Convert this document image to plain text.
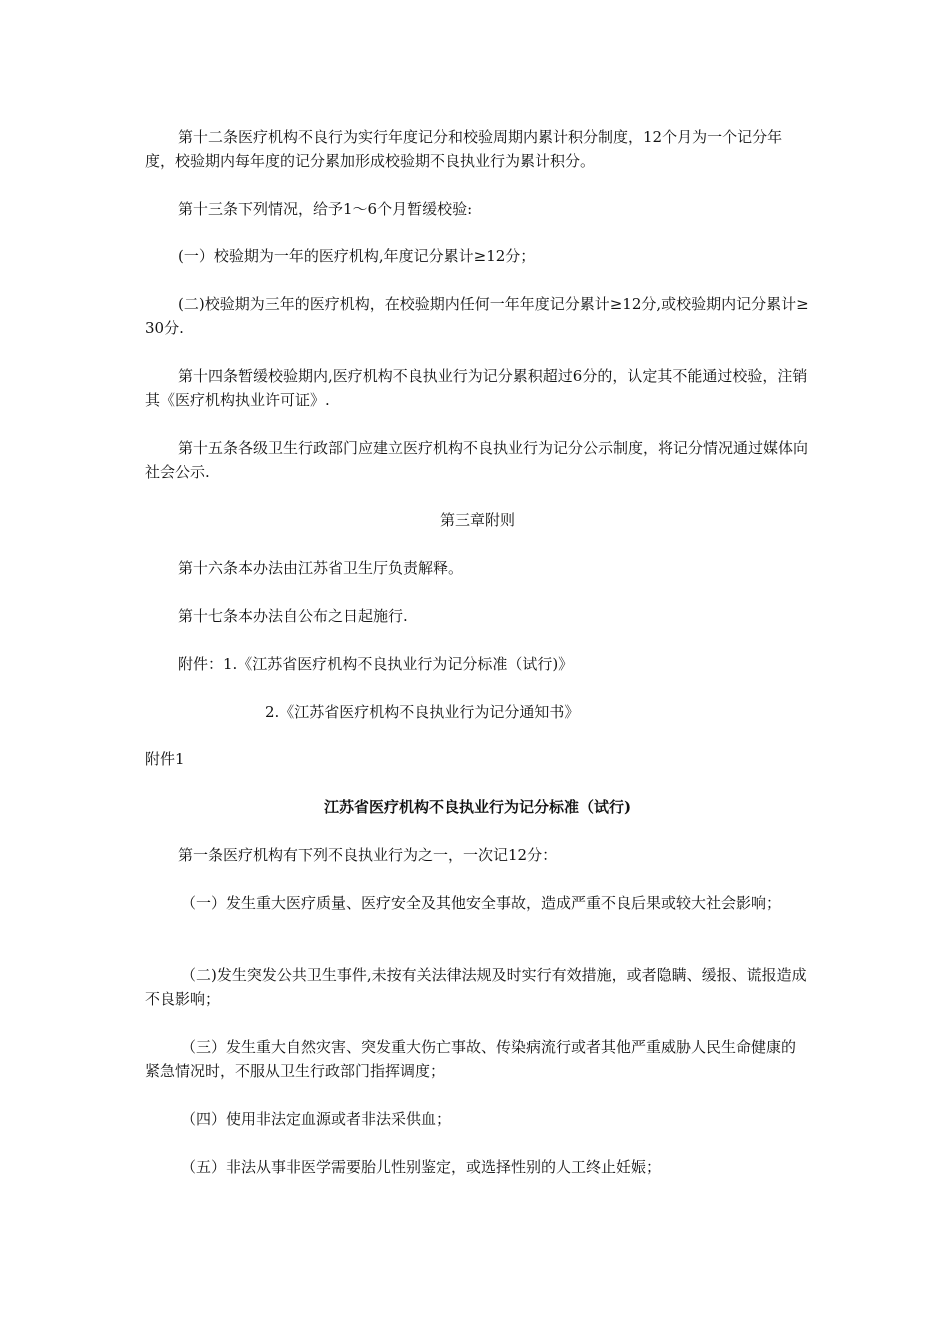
第十二条医疗机构不良行为实行年度记分和校验周期内累计积分制度，12个月为一个记分年度，校验期内每年度的记分累加形成校验期不良执业行为累计积分。

第十三条下列情况，给予1～6个月暂缓校验:

(一）校验期为一年的医疗机构,年度记分累计≥12分；

(二)校验期为三年的医疗机构，在校验期内任何一年年度记分累计≥12分,或校验期内记分累计≥30分.

第十四条暂缓校验期内,医疗机构不良执业行为记分累积超过6分的，认定其不能通过校验，注销其《医疗机构执业许可证》.

第十五条各级卫生行政部门应建立医疗机构不良执业行为记分公示制度，将记分情况通过媒体向社会公示.

第三章附则

第十六条本办法由江苏省卫生厅负责解释。

第十七条本办法自公布之日起施行.

附件：1.《江苏省医疗机构不良执业行为记分标准（试行)》

2.《江苏省医疗机构不良执业行为记分通知书》

附件1

江苏省医疗机构不良执业行为记分标准（试行)

第一条医疗机构有下列不良执业行为之一，一次记12分：

（一）发生重大医疗质量、医疗安全及其他安全事故，造成严重不良后果或较大社会影响；

（二)发生突发公共卫生事件,未按有关法律法规及时实行有效措施，或者隐瞒、缓报、谎报造成不良影响；

（三）发生重大自然灾害、突发重大伤亡事故、传染病流行或者其他严重威胁人民生命健康的紧急情况时，不服从卫生行政部门指挥调度；

（四）使用非法定血源或者非法采供血；

（五）非法从事非医学需要胎儿性别鉴定，或选择性别的人工终止妊娠；
